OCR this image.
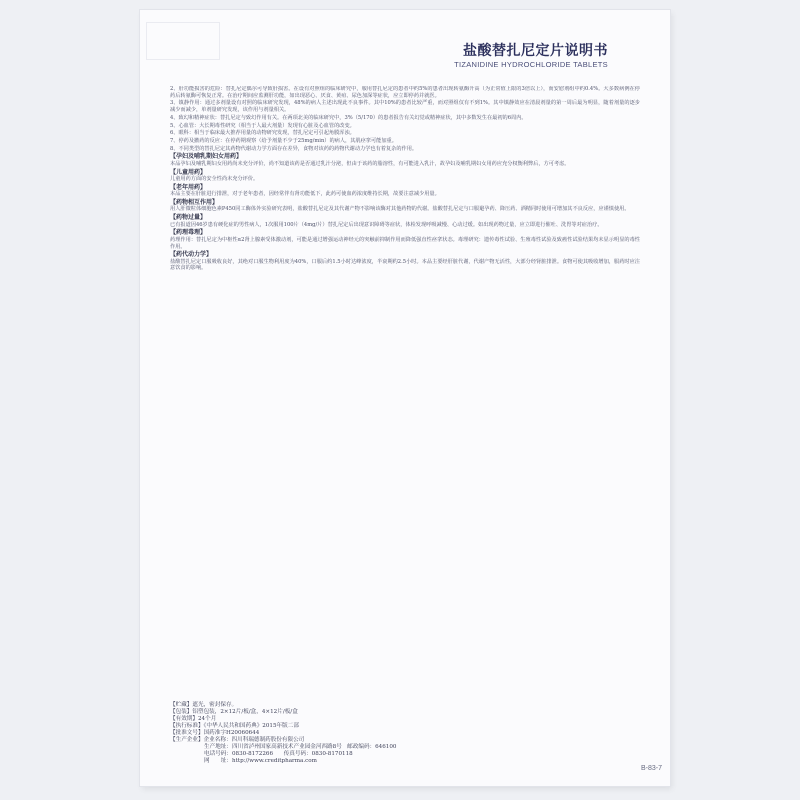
盐酸替扎尼定片说明书
TIZANIDINE HYDROCHLORIDE TABLETS

2、肝功能损害的危险：替扎尼定偶尔可导致肝损害。在设有对照组的临床研究中，服用替扎尼定的患者中约5%的患者出现转氨酶升高（为正常值上限的3倍以上），而安慰剂组中约0.4%。大多数病例在停药后转氨酶可恢复正常。在治疗期间应监测肝功能，如出现恶心、厌食、黄疸、尿色加深等症状，应立即停药并就医。

3、镇静作用：通过多剂量设有对照的临床研究发现，48%的病人主述出现此不良事件。其中10%的患者比较严重，而对照组仅有不到1%。其中镇静效应在清晨剂量的第一周后最为明显，随着剂量的逐步减少而减少，单剂量研究发现，该作用与剂量相关。

4、致幻和精神症状：替扎尼定与致幻作用有关。在两项北美的临床研究中，3%（5/170）的患者报告有关幻觉或精神症状，其中多数发生在最初的6周内。

5、心血管：大长期毒性研究（相当于人最大剂量）发现有心脏及心血管的改变。

6、眼科：相当于临床最大推荐用量的动物研究发现，替扎尼定可引起角膜浑浊。

7、停药及撤药的反应：在停药期观察（给予剂量不少于25mg/min）的病人，其肌痉挛可能加重。

8、不同类型的替扎尼定其药物代谢动力学方面存在差异，食物对该药的药物代谢动力学也有着复杂的作用。

【孕妇及哺乳期妇女用药】

本品孕妇及哺乳期妇女用药尚未充分评价，尚不知道该药是否通过乳汁分泌，但由于该药的脂溶性，有可能进入乳汁，故孕妇及哺乳期妇女用药应充分权衡利弊后，方可考虑。

【儿童用药】

儿童用药方面的安全性尚未充分评价。

【老年用药】

本品主要在肝脏进行排泄，对于老年患者，因经常伴有肾功能低下，此药可使血药浓度维持长期，故要注意减少用量。

【药物相互作用】

用人肝微粒体细胞色素P450同工酶体外实验研究表明，盐酸替扎尼定及其代谢产物不影响该酶对其他药物的代谢。盐酸替扎尼定与口服避孕药、降压药、酒精同时使用可增加其不良反应，应谨慎使用。

【药物过量】

已有报道因46岁患有硬化症的男性病人，1次服用100片（4mg/片）替扎尼定后出现意识障碍等症状，体检发现呼吸减慢、心动过缓。如出现药物过量，应立即进行催吐、洗胃等对症治疗。

【药理毒理】

药理作用：替扎尼定为中枢性α2肾上腺素受体激动剂，可能是通过增强运动神经元的突触前抑制作用而降低强直性痉挛状态。毒理研究：遗传毒性试验、生殖毒性试验及致癌性试验结果均未显示明显的毒性作用。

【药代动力学】

盐酸替扎尼定口服吸收良好，其绝对口服生物利用度为40%，口服后约1.5小时达峰浓度，半衰期约2.5小时。本品主要经肝脏代谢，代谢产物无活性，大部分经肾脏排泄。食物可使其吸收增加，服药时应注意饮食的影响。

【贮藏】遮光，密封保存。
【包装】铝塑包装，2×12片/板/盒，4×12片/板/盒
【有效期】24个月
【执行标准】《中华人民共和国药典》2015年版二部
【批准文号】国药准字H20060644
【生产企业】企业名称：四川科瑞德制药股份有限公司
生产地址：四川省泸州国家高新技术产业园金河西路8号 邮政编码：646100
电话号码：0830-8172266 传真号码：0830-8170118
网　　址：http://www.creditpharma.com
B-83-7
